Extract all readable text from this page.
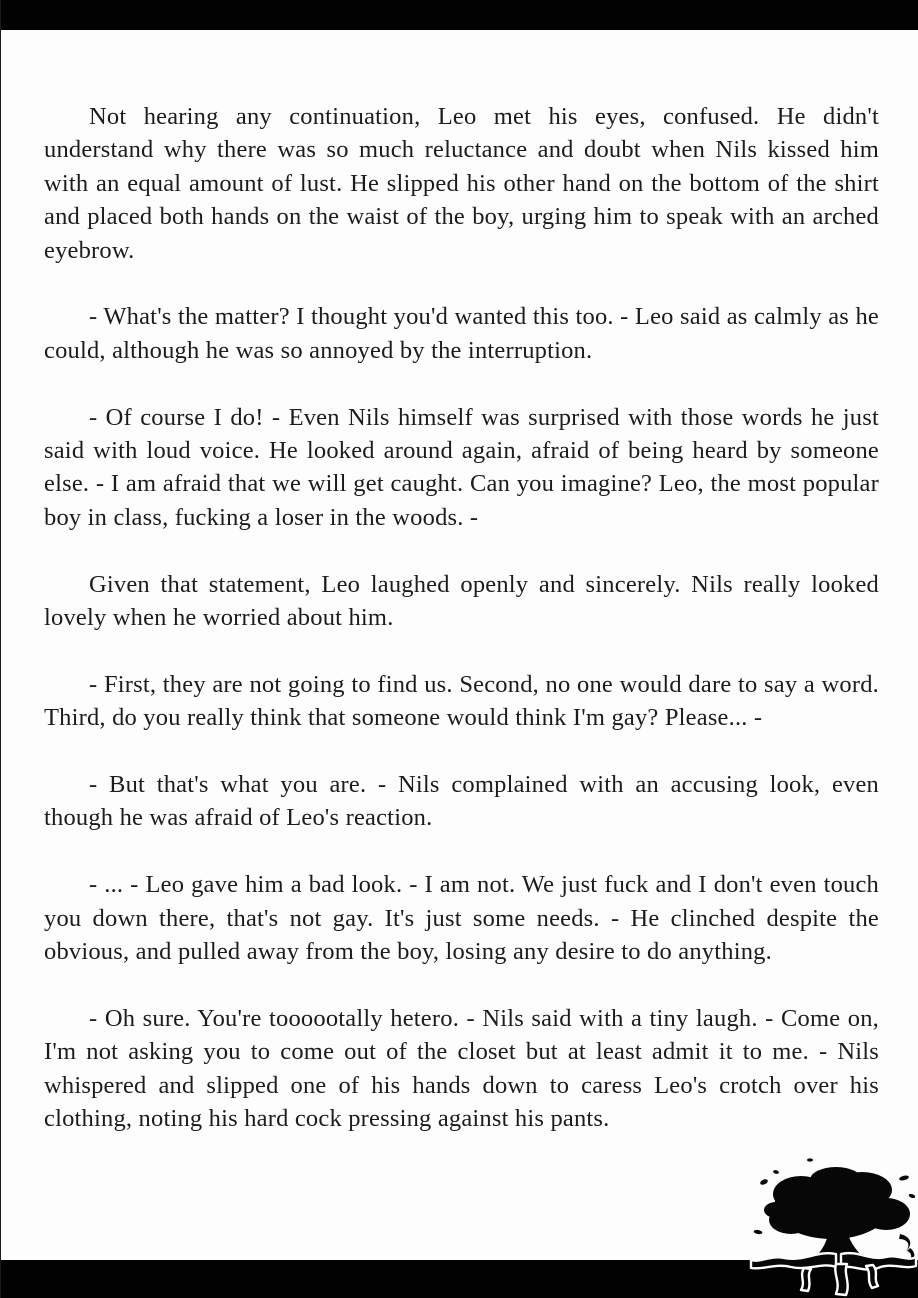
Not hearing any continuation, Leo met his eyes, confused. He didn't understand why there was so much reluctance and doubt when Nils kissed him with an equal amount of lust. He slipped his other hand on the bottom of the shirt and placed both hands on the waist of the boy, urging him to speak with an arched eyebrow.

- What's the matter? I thought you'd wanted this too. - Leo said as calmly as he could, although he was so annoyed by the interruption.

- Of course I do! - Even Nils himself was surprised with those words he just said with loud voice. He looked around again, afraid of being heard by someone else. - I am afraid that we will get caught. Can you imagine? Leo, the most popular boy in class, fucking a loser in the woods. -

Given that statement, Leo laughed openly and sincerely. Nils really looked lovely when he worried about him.

- First, they are not going to find us. Second, no one would dare to say a word. Third, do you really think that someone would think I'm gay? Please... -

- But that's what you are. - Nils complained with an accusing look, even though he was afraid of Leo's reaction.

- ... - Leo gave him a bad look. - I am not. We just fuck and I don't even touch you down there, that's not gay. It's just some needs. - He clinched despite the obvious, and pulled away from the boy, losing any desire to do anything.

- Oh sure. You're toooootally hetero. - Nils said with a tiny laugh. - Come on, I'm not asking you to come out of the closet but at least admit it to me. - Nils whispered and slipped one of his hands down to caress Leo's crotch over his clothing, noting his hard cock pressing against his pants.
